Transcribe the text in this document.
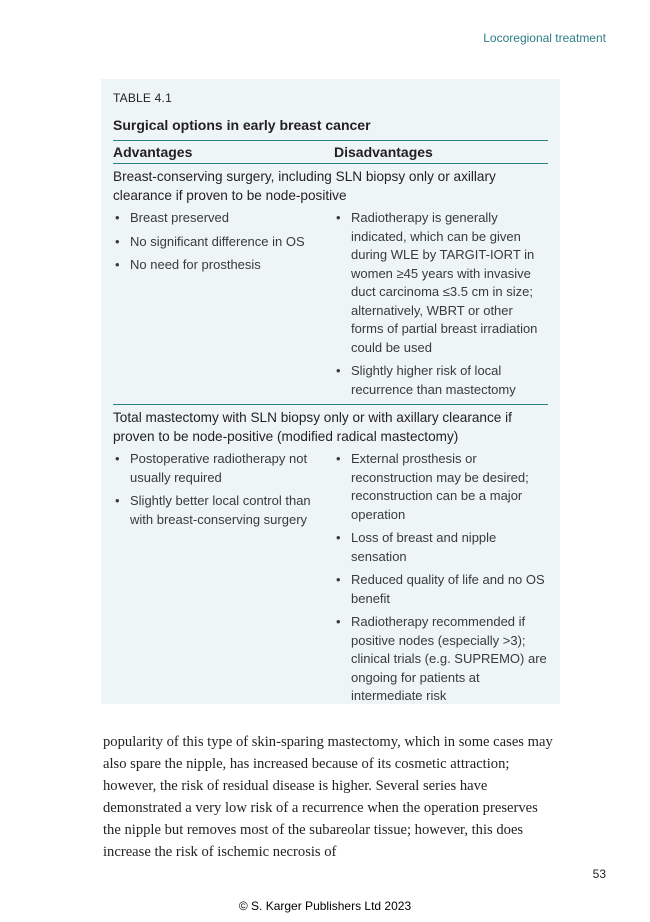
Locoregional treatment
TABLE 4.1
Surgical options in early breast cancer
Advantages	Disadvantages
Breast-conserving surgery, including SLN biopsy only or axillary clearance if proven to be node-positive
• Breast preserved
• No significant difference in OS
• No need for prosthesis
• Radiotherapy is generally indicated, which can be given during WLE by TARGIT-IORT in women ≥45 years with invasive duct carcinoma ≤3.5 cm in size; alternatively, WBRT or other forms of partial breast irradiation could be used
• Slightly higher risk of local recurrence than mastectomy
Total mastectomy with SLN biopsy only or with axillary clearance if proven to be node-positive (modified radical mastectomy)
• Postoperative radiotherapy not usually required
• Slightly better local control than with breast-conserving surgery
• External prosthesis or reconstruction may be desired; reconstruction can be a major operation
• Loss of breast and nipple sensation
• Reduced quality of life and no OS benefit
• Radiotherapy recommended if positive nodes (especially >3); clinical trials (e.g. SUPREMO) are ongoing for patients at intermediate risk

popularity of this type of skin-sparing mastectomy, which in some cases may also spare the nipple, has increased because of its cosmetic attraction; however, the risk of residual disease is higher. Several series have demonstrated a very low risk of a recurrence when the operation preserves the nipple but removes most of the subareolar tissue; however, this does increase the risk of ischemic necrosis of

53
© S. Karger Publishers Ltd 2023
